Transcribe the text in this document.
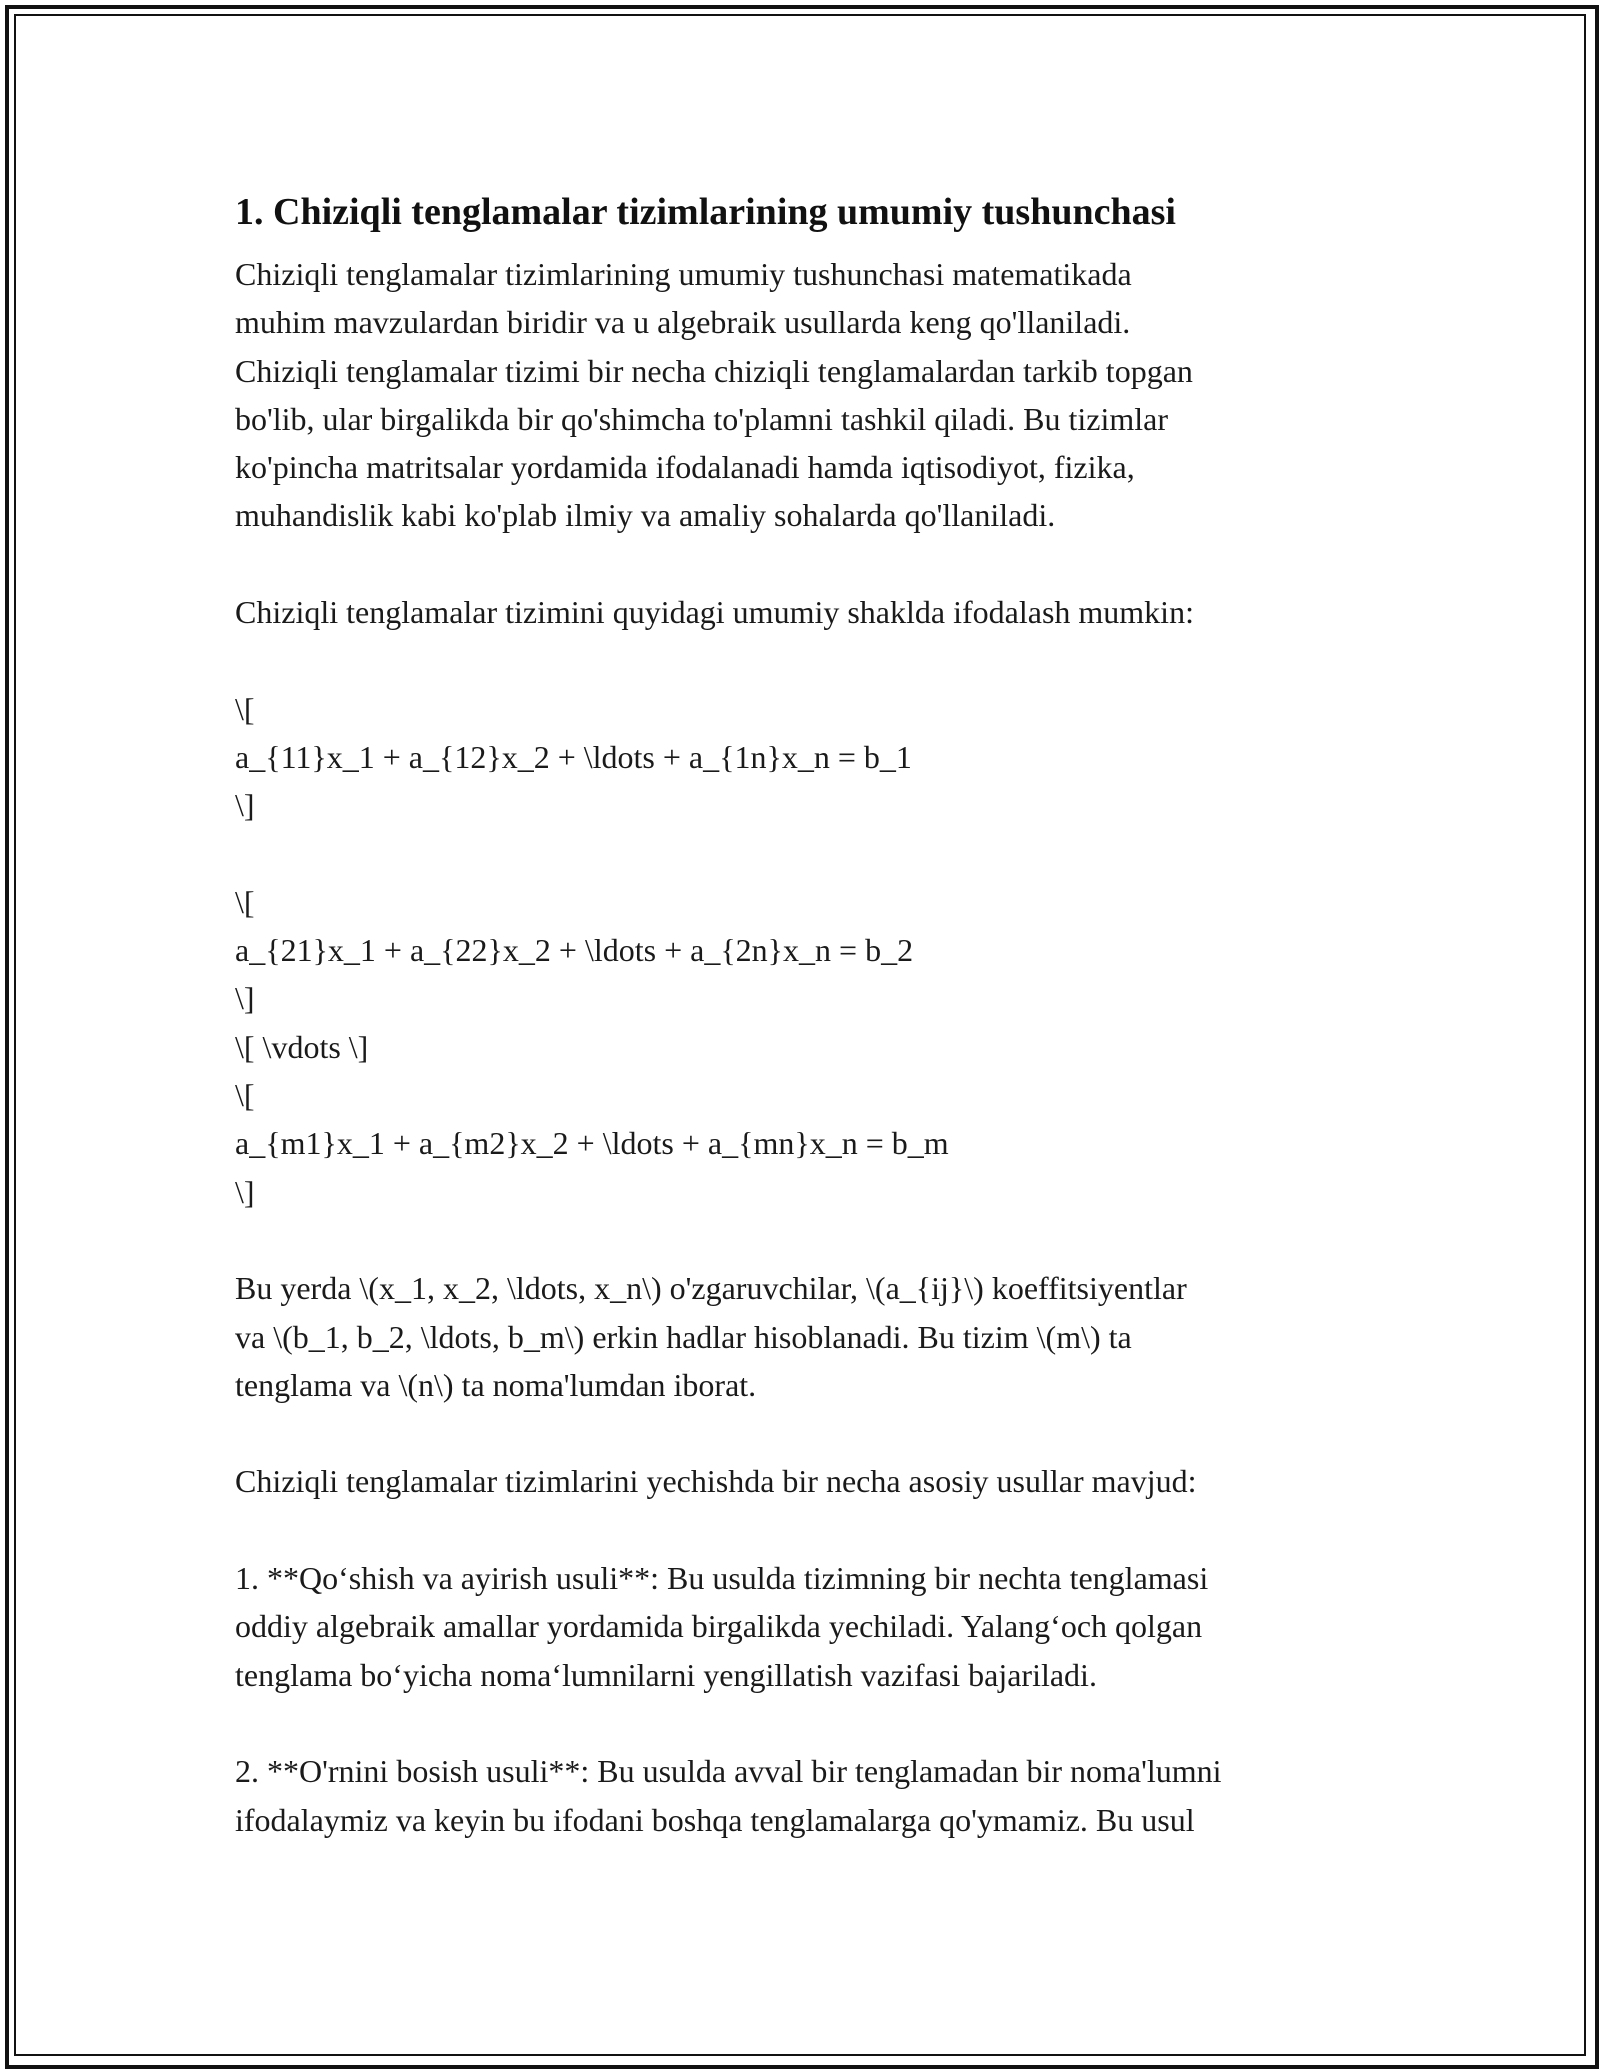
1. Chiziqli tenglamalar tizimlarining umumiy tushunchasi

Chiziqli tenglamalar tizimlarining umumiy tushunchasi matematikada
muhim mavzulardan biridir va u algebraik usullarda keng qo'llaniladi.
Chiziqli tenglamalar tizimi bir necha chiziqli tenglamalardan tarkib topgan
bo'lib, ular birgalikda bir qo'shimcha to'plamni tashkil qiladi. Bu tizimlar
ko'pincha matritsalar yordamida ifodalanadi hamda iqtisodiyot, fizika,
muhandislik kabi ko'plab ilmiy va amaliy sohalarda qo'llaniladi.

Chiziqli tenglamalar tizimini quyidagi umumiy shaklda ifodalash mumkin:

\[
a_{11}x_1 + a_{12}x_2 + \ldots + a_{1n}x_n = b_1
\]

\[
a_{21}x_1 + a_{22}x_2 + \ldots + a_{2n}x_n = b_2
\]
\[ \vdots \]
\[
a_{m1}x_1 + a_{m2}x_2 + \ldots + a_{mn}x_n = b_m
\]

Bu yerda \(x_1, x_2, \ldots, x_n\) o'zgaruvchilar, \(a_{ij}\) koeffitsiyentlar
va \(b_1, b_2, \ldots, b_m\) erkin hadlar hisoblanadi. Bu tizim \(m\) ta
tenglama va \(n\) ta noma'lumdan iborat.

Chiziqli tenglamalar tizimlarini yechishda bir necha asosiy usullar mavjud:

1. **Qo‘shish va ayirish usuli**: Bu usulda tizimning bir nechta tenglamasi
oddiy algebraik amallar yordamida birgalikda yechiladi. Yalang‘och qolgan
tenglama bo‘yicha noma‘lumnilarni yengillatish vazifasi bajariladi.

2. **O'rnini bosish usuli**: Bu usulda avval bir tenglamadan bir noma'lumni
ifodalaymiz va keyin bu ifodani boshqa tenglamalarga qo'ymamiz. Bu usul
